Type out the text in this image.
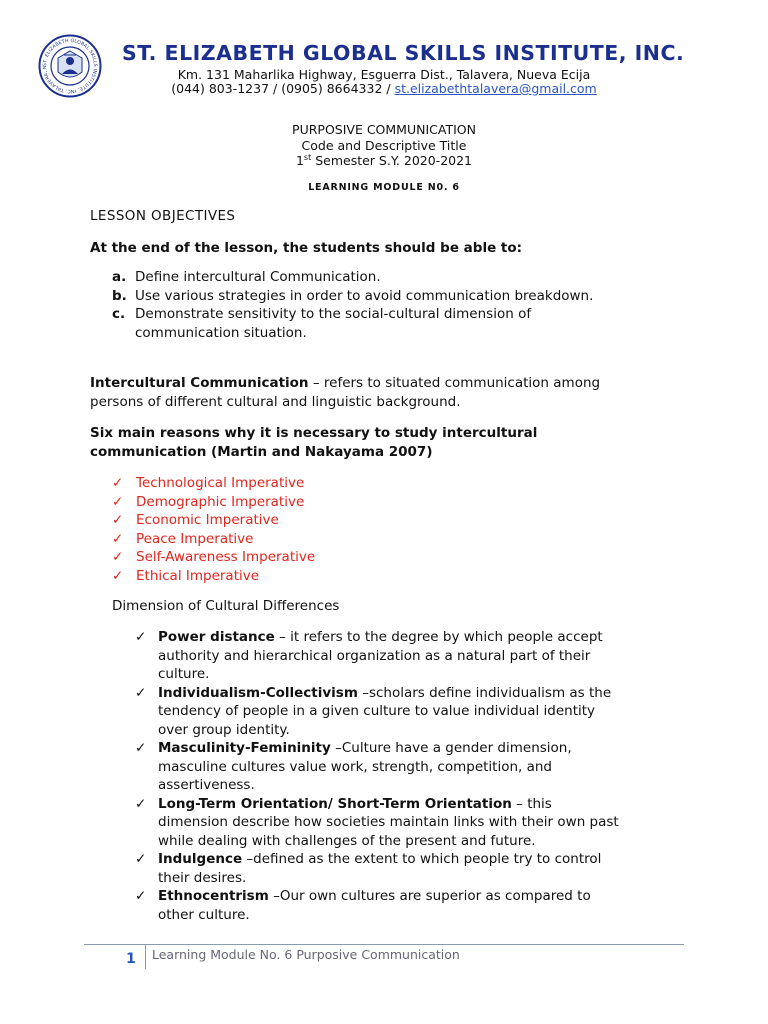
ST. ELIZABETH GLOBAL SKILLS INSTITUTE, INC. TALAVERA, N
ST. ELIZABETH GLOBAL SKILLS INSTITUTE, INC.
Km. 131 Maharlika Highway, Esguerra Dist., Talavera, Nueva Ecija
(044) 803-1237 / (0905) 8664332 / st.elizabethtalavera@gmail.com
PURPOSIVE COMMUNICATION
Code and Descriptive Title
1st Semester S.Y. 2020-2021
LEARNING MODULE N0. 6
LESSON OBJECTIVES
At the end of the lesson, the students should be able to:
a. Define intercultural Communication.
b. Use various strategies in order to avoid communication breakdown.
c. Demonstrate sensitivity to the social-cultural dimension of
communication situation.
Intercultural Communication – refers to situated communication among
persons of different cultural and linguistic background.
Six main reasons why it is necessary to study intercultural
communication (Martin and Nakayama 2007)
✓ Technological Imperative
✓ Demographic Imperative
✓ Economic Imperative
✓ Peace Imperative
✓ Self-Awareness Imperative
✓ Ethical Imperative
Dimension of Cultural Differences
✓ Power distance – it refers to the degree by which people accept
authority and hierarchical organization as a natural part of their
culture.
✓ Individualism-Collectivism –scholars define individualism as the
tendency of people in a given culture to value individual identity
over group identity.
✓ Masculinity-Femininity –Culture have a gender dimension,
masculine cultures value work, strength, competition, and
assertiveness.
✓ Long-Term Orientation/ Short-Term Orientation – this
dimension describe how societies maintain links with their own past
while dealing with challenges of the present and future.
✓ Indulgence –defined as the extent to which people try to control
their desires.
✓ Ethnocentrism –Our own cultures are superior as compared to
other culture.
1 Learning Module No. 6 Purposive Communication
